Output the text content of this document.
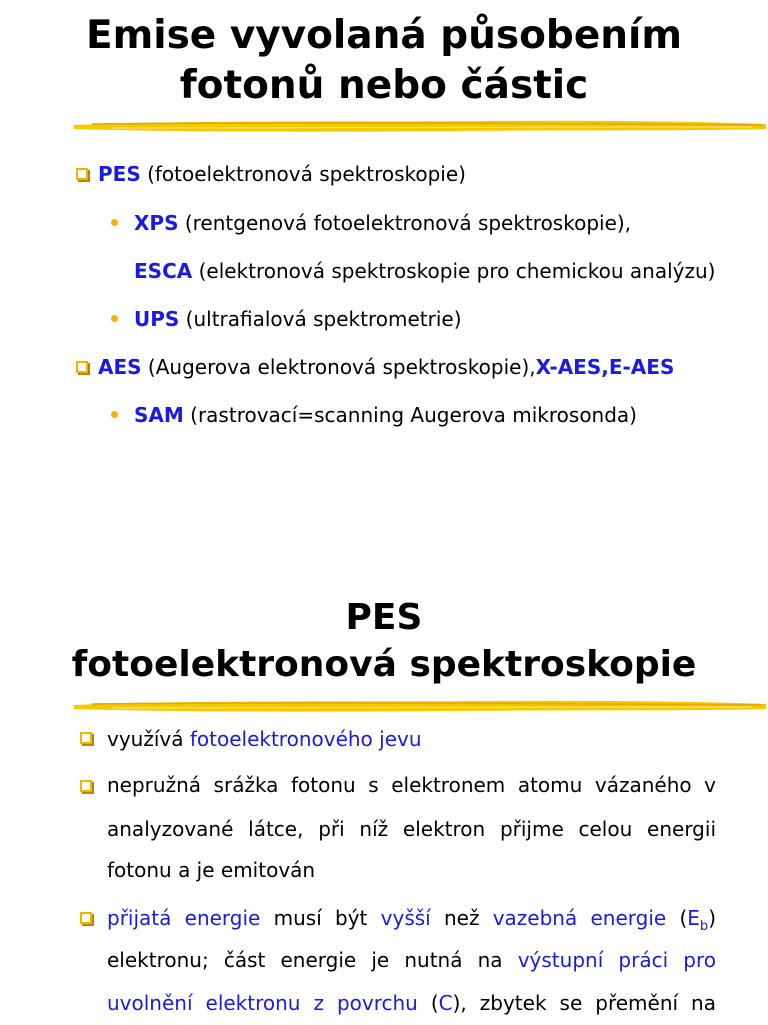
Emise vyvolaná působením
fotonů nebo částic
PES (fotoelektronová spektroskopie)
XPS (rentgenová fotoelektronová spektroskopie),
ESCA (elektronová spektroskopie pro chemickou analýzu)
UPS (ultrafialová spektrometrie)
AES (Augerova elektronová spektroskopie),X-AES,E-AES
SAM (rastrovací=scanning Augerova mikrosonda)
PES
fotoelektronová spektroskopie
využívá fotoelektronového jevu
nepružná srážka fotonu s elektronem atomu vázaného v
analyzované látce, při níž elektron přijme celou energii
fotonu a je emitován
přijatá energie musí být vyšší než vazebná energie $(E_b)$
elektronu; část energie je nutná na výstupní práci pro
uvolnění elektronu z povrchu (C), zbytek se přemění na
